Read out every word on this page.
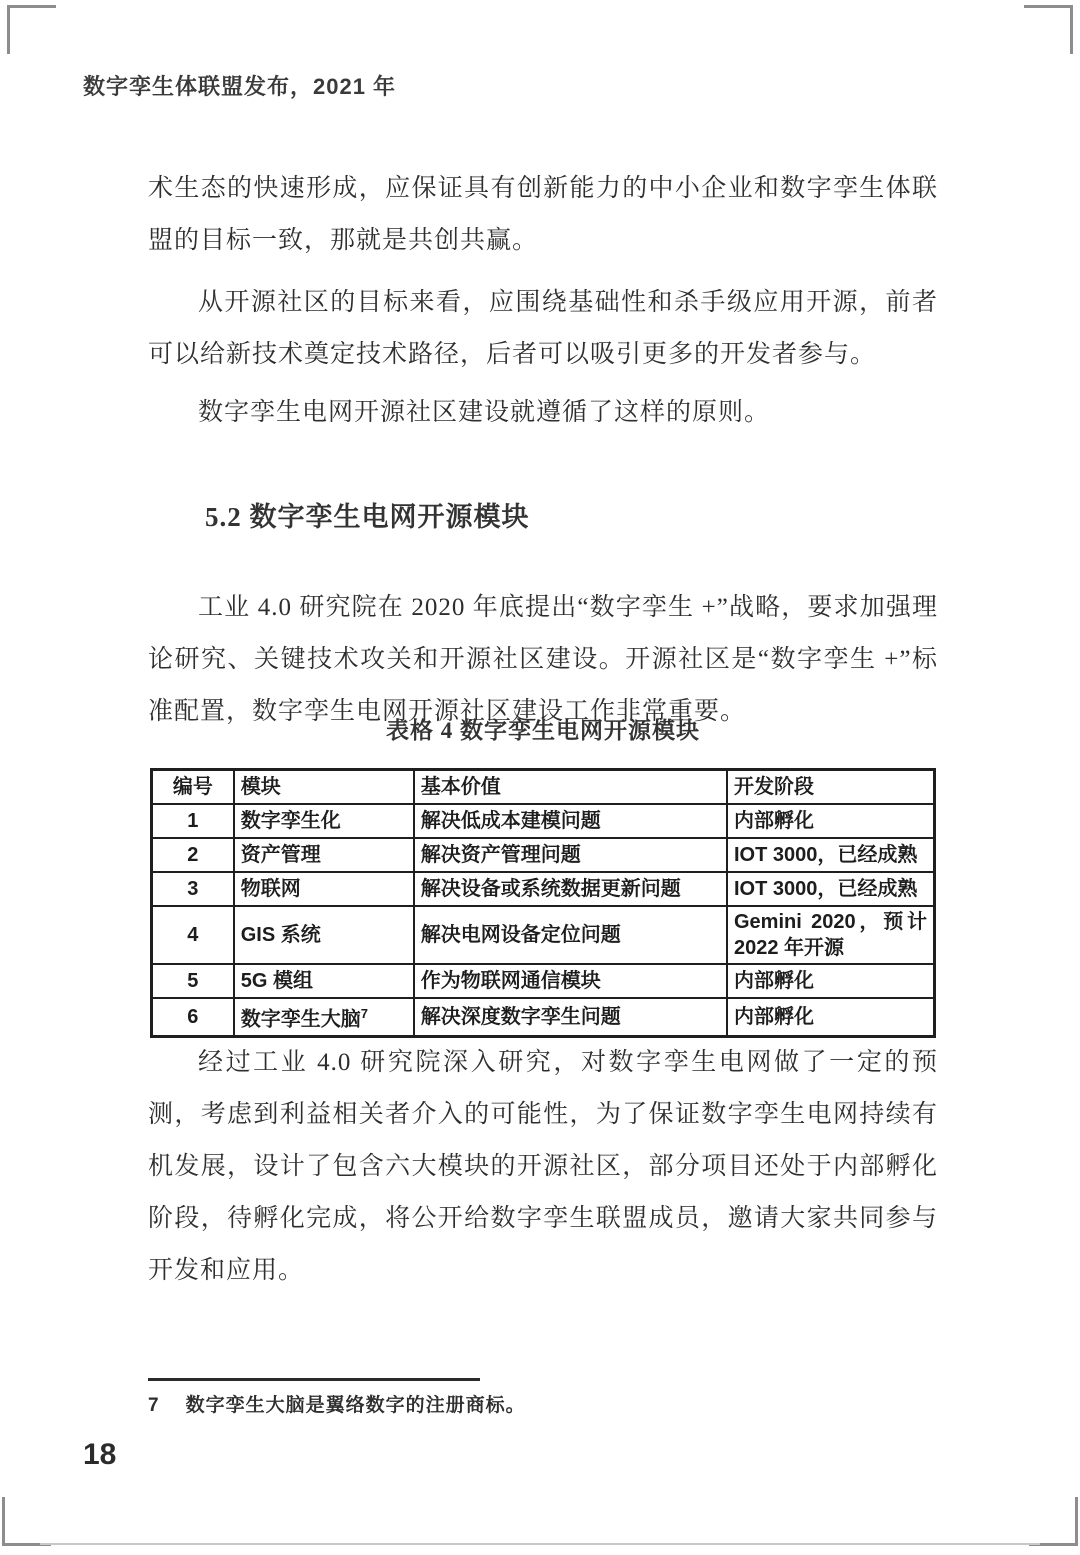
数字孪生体联盟发布，2021 年

术生态的快速形成，应保证具有创新能力的中小企业和数字孪生体联盟的目标一致，那就是共创共赢。

从开源社区的目标来看，应围绕基础性和杀手级应用开源，前者可以给新技术奠定技术路径，后者可以吸引更多的开发者参与。

数字孪生电网开源社区建设就遵循了这样的原则。

5.2 数字孪生电网开源模块

工业 4.0 研究院在 2020 年底提出“数字孪生 +”战略，要求加强理论研究、关键技术攻关和开源社区建设。开源社区是“数字孪生 +”标准配置，数字孪生电网开源社区建设工作非常重要。

表格 4 数字孪生电网开源模块
编号	模块	基本价值	开发阶段
1	数字孪生化	解决低成本建模问题	内部孵化
2	资产管理	解决资产管理问题	IOT 3000，已经成熟
3	物联网	解决设备或系统数据更新问题	IOT 3000，已经成熟
4	GIS 系统	解决电网设备定位问题	Gemini 2020，预计 2022 年开源
5	5G 模组	作为物联网通信模块	内部孵化
6	数字孪生大脑$^7$	解决深度数字孪生问题	内部孵化

经过工业 4.0 研究院深入研究，对数字孪生电网做了一定的预测，考虑到利益相关者介入的可能性，为了保证数字孪生电网持续有机发展，设计了包含六大模块的开源社区，部分项目还处于内部孵化阶段，待孵化完成，将公开给数字孪生联盟成员，邀请大家共同参与开发和应用。

7 数字孪生大脑是翼络数字的注册商标。
18
